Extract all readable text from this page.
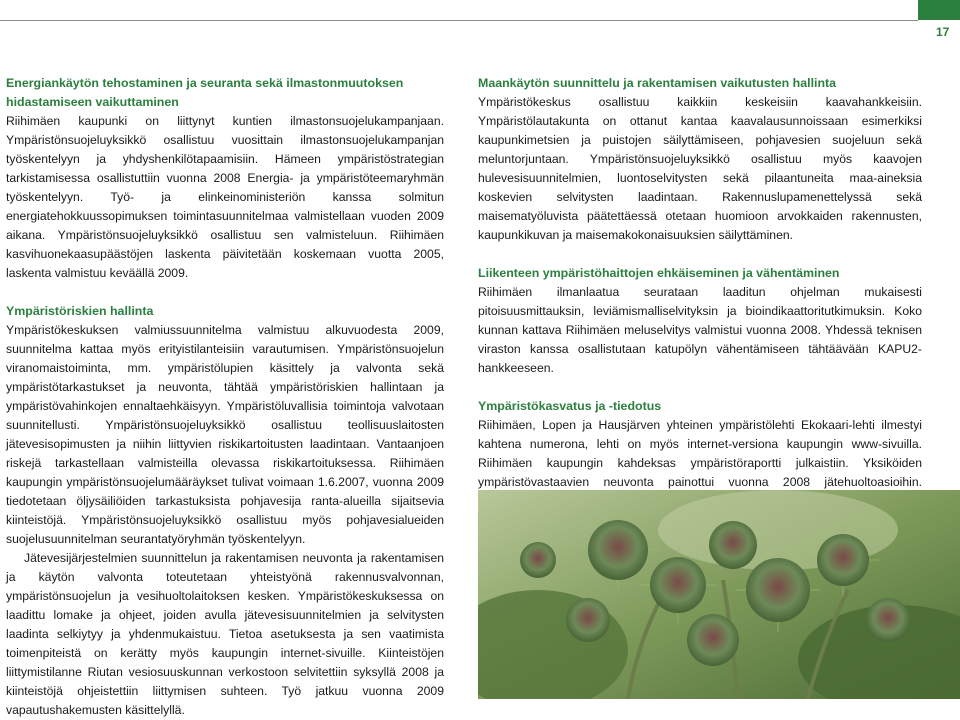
17
Energiankäytön tehostaminen ja seuranta sekä ilmastonmuutoksen hidastamiseen vaikuttaminen

Riihimäen kaupunki on liittynyt kuntien ilmastonsuojelukampanjaan. Ympäristönsuojeluyksikkö osallistuu vuosittain ilmastonsuojelukampanjan työskentelyyn ja yhdyshenkilötapaamisiin. Hämeen ympäristöstrategian tarkistamisessa osallistuttiin vuonna 2008 Energia- ja ympäristöteemaryhmän työskentelyyn. Työ- ja elinkeinoministeriön kanssa solmitun energiatehokkuussopimuksen toimintasuunnitelmaa valmistellaan vuoden 2009 aikana. Ympäristönsuojeluyksikkö osallistuu sen valmisteluun. Riihimäen kasvihuonekaasupäästöjen laskenta päivitetään koskemaan vuotta 2005, laskenta valmistuu keväällä 2009.

Ympäristöriskien hallinta

Ympäristökeskuksen valmiussuunnitelma valmistuu alkuvuodesta 2009, suunnitelma kattaa myös erityistilanteisiin varautumisen. Ympäristönsuojelun viranomaistoiminta, mm. ympäristölupien käsittely ja valvonta sekä ympäristötarkastukset ja neuvonta, tähtää ympäristöriskien hallintaan ja ympäristövahinkojen ennaltaehkäisyyn. Ympäristöluvallisia toimintoja valvotaan suunnitellusti. Ympäristönsuojeluyksikkö osallistuu teollisuuslaitosten jätevesisopimusten ja niihin liittyvien riskikartoitusten laadintaan. Vantaanjoen riskejä tarkastellaan valmisteilla olevassa riskikartoituksessa. Riihimäen kaupungin ympäristönsuojelumääräykset tulivat voimaan 1.6.2007, vuonna 2009 tiedotetaan öljysäiliöiden tarkastuksista pohjavesija ranta-alueilla sijaitsevia kiinteistöjä. Ympäristönsuojeluyksikkö osallistuu myös pohjavesialueiden suojelusuunnitelman seurantatyöryhmän työskentelyyn.

Jätevesijärjestelmien suunnittelun ja rakentamisen neuvonta ja rakentamisen ja käytön valvonta toteutetaan yhteistyönä rakennusvalvonnan, ympäristönsuojelun ja vesihuoltolaitoksen kesken. Ympäristökeskuksessa on laadittu lomake ja ohjeet, joiden avulla jätevesisuunnitelmien ja selvitysten laadinta selkiytyy ja yhdenmukaistuu. Tietoa asetuksesta ja sen vaatimista toimenpiteistä on kerätty myös kaupungin internet-sivuille. Kiinteistöjen liittymistilanne Riutan vesiosuuskunnan verkostoon selvitettiin syksyllä 2008 ja kiinteistöjä ohjeistettiin liittymisen suhteen. Työ jatkuu vuonna 2009 vapautushakemusten käsittelyllä.

Maankäytön suunnittelu ja rakentamisen vaikutusten hallinta

Ympäristökeskus osallistuu kaikkiin keskeisiin kaavahankkeisiin. Ympäristölautakunta on ottanut kantaa kaavalausunnoissaan esimerkiksi kaupunkimetsien ja puistojen säilyttämiseen, pohjavesien suojeluun sekä meluntorjuntaan. Ympäristönsuojeluyksikkö osallistuu myös kaavojen hulevesisuunnitelmien, luontoselvitysten sekä pilaantuneita maa-aineksia koskevien selvitysten laadintaan. Rakennuslupamenettelyssä sekä maisematyöluvista päätettäessä otetaan huomioon arvokkaiden rakennusten, kaupunkikuvan ja maisemakokonaisuuksien säilyttäminen.

Liikenteen ympäristöhaittojen ehkäiseminen ja vähentäminen

Riihimäen ilmanlaatua seurataan laaditun ohjelman mukaisesti pitoisuusmittauksin, leviämismalliselvityksin ja bioindikaattoritutkimuksin. Koko kunnan kattava Riihimäen meluselvitys valmistui vuonna 2008. Yhdessä teknisen viraston kanssa osallistutaan katupölyn vähentämiseen tähtäävään KAPU2-hankkeeseen.

Ympäristökasvatus ja -tiedotus

Riihimäen, Lopen ja Hausjärven yhteinen ympäristölehti Ekokaari-lehti ilmestyi kahtena numerona, lehti on myös internet-versiona kaupungin www-sivuilla. Riihimäen kaupungin kahdeksas ympäristöraportti julkaistiin. Yksiköiden ympäristövastaavien neuvonta painottui vuonna 2008 jätehuoltoasioihin.
